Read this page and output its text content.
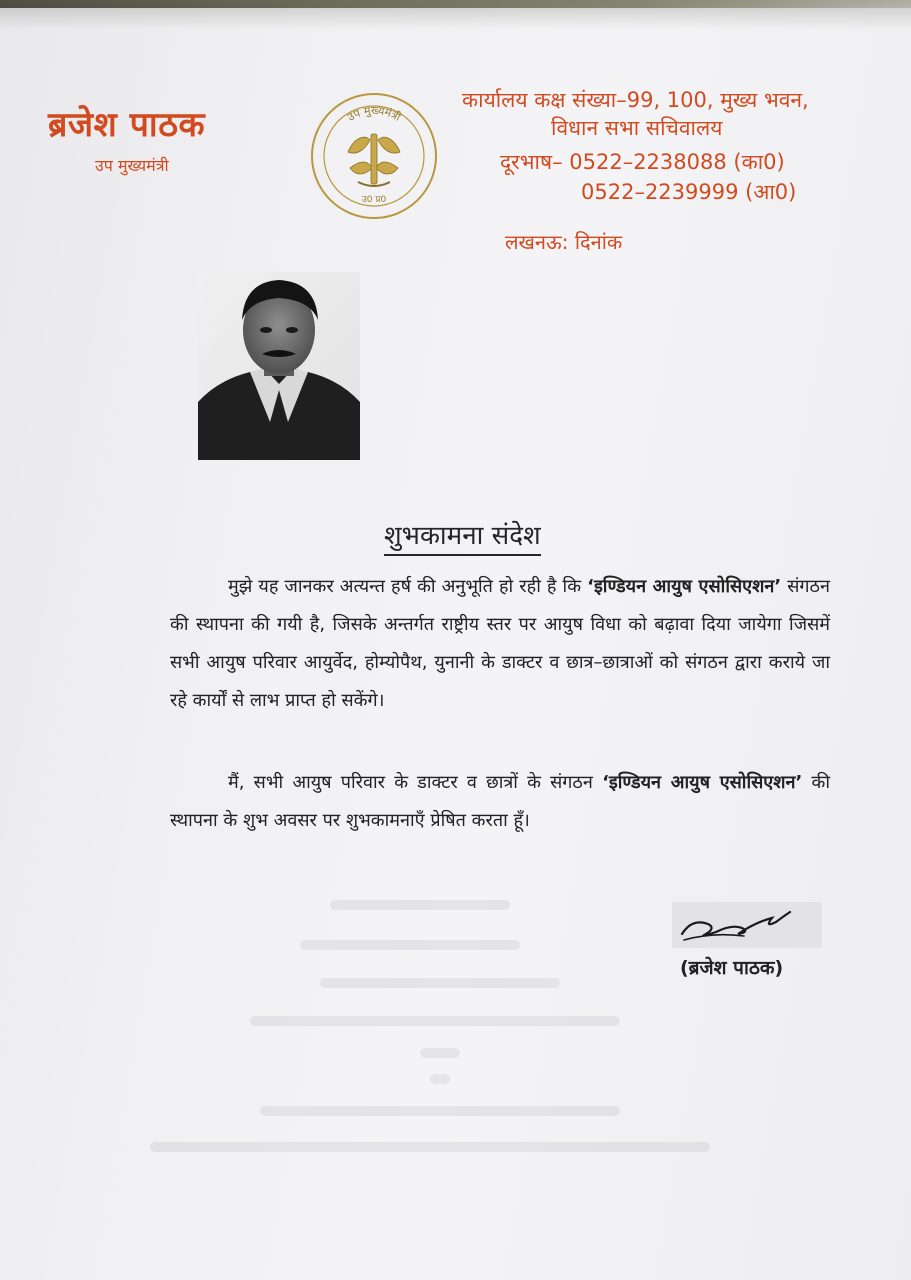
ब्रजेश पाठक
उप मुख्यमंत्री
उप मुख्यमंत्री
उ0 प्र0
कार्यालय कक्ष संख्या–99, 100, मुख्य भवन,
विधान सभा सचिवालय
दूरभाष– 0522–2238088 (का0)
0522–2239999 (आ0)
लखनऊ: दिनांक
शुभकामना संदेश
मुझे यह जानकर अत्यन्त हर्ष की अनुभूति हो रही है कि ‘इण्डियन आयुष एसोसिएशन’ संगठन की स्थापना की गयी है, जिसके अन्तर्गत राष्ट्रीय स्तर पर आयुष विधा को बढ़ावा दिया जायेगा जिसमें सभी आयुष परिवार आयुर्वेद, होम्योपैथ, युनानी के डाक्टर व छात्र–छात्राओं को संगठन द्वारा कराये जा रहे कार्यों से लाभ प्राप्त हो सकेंगे।
मैं, सभी आयुष परिवार के डाक्टर व छात्रों के संगठन ‘इण्डियन आयुष एसोसिएशन’ की स्थापना के शुभ अवसर पर शुभकामनाऍं प्रेषित करता हूँ।
(ब्रजेश पाठक)
